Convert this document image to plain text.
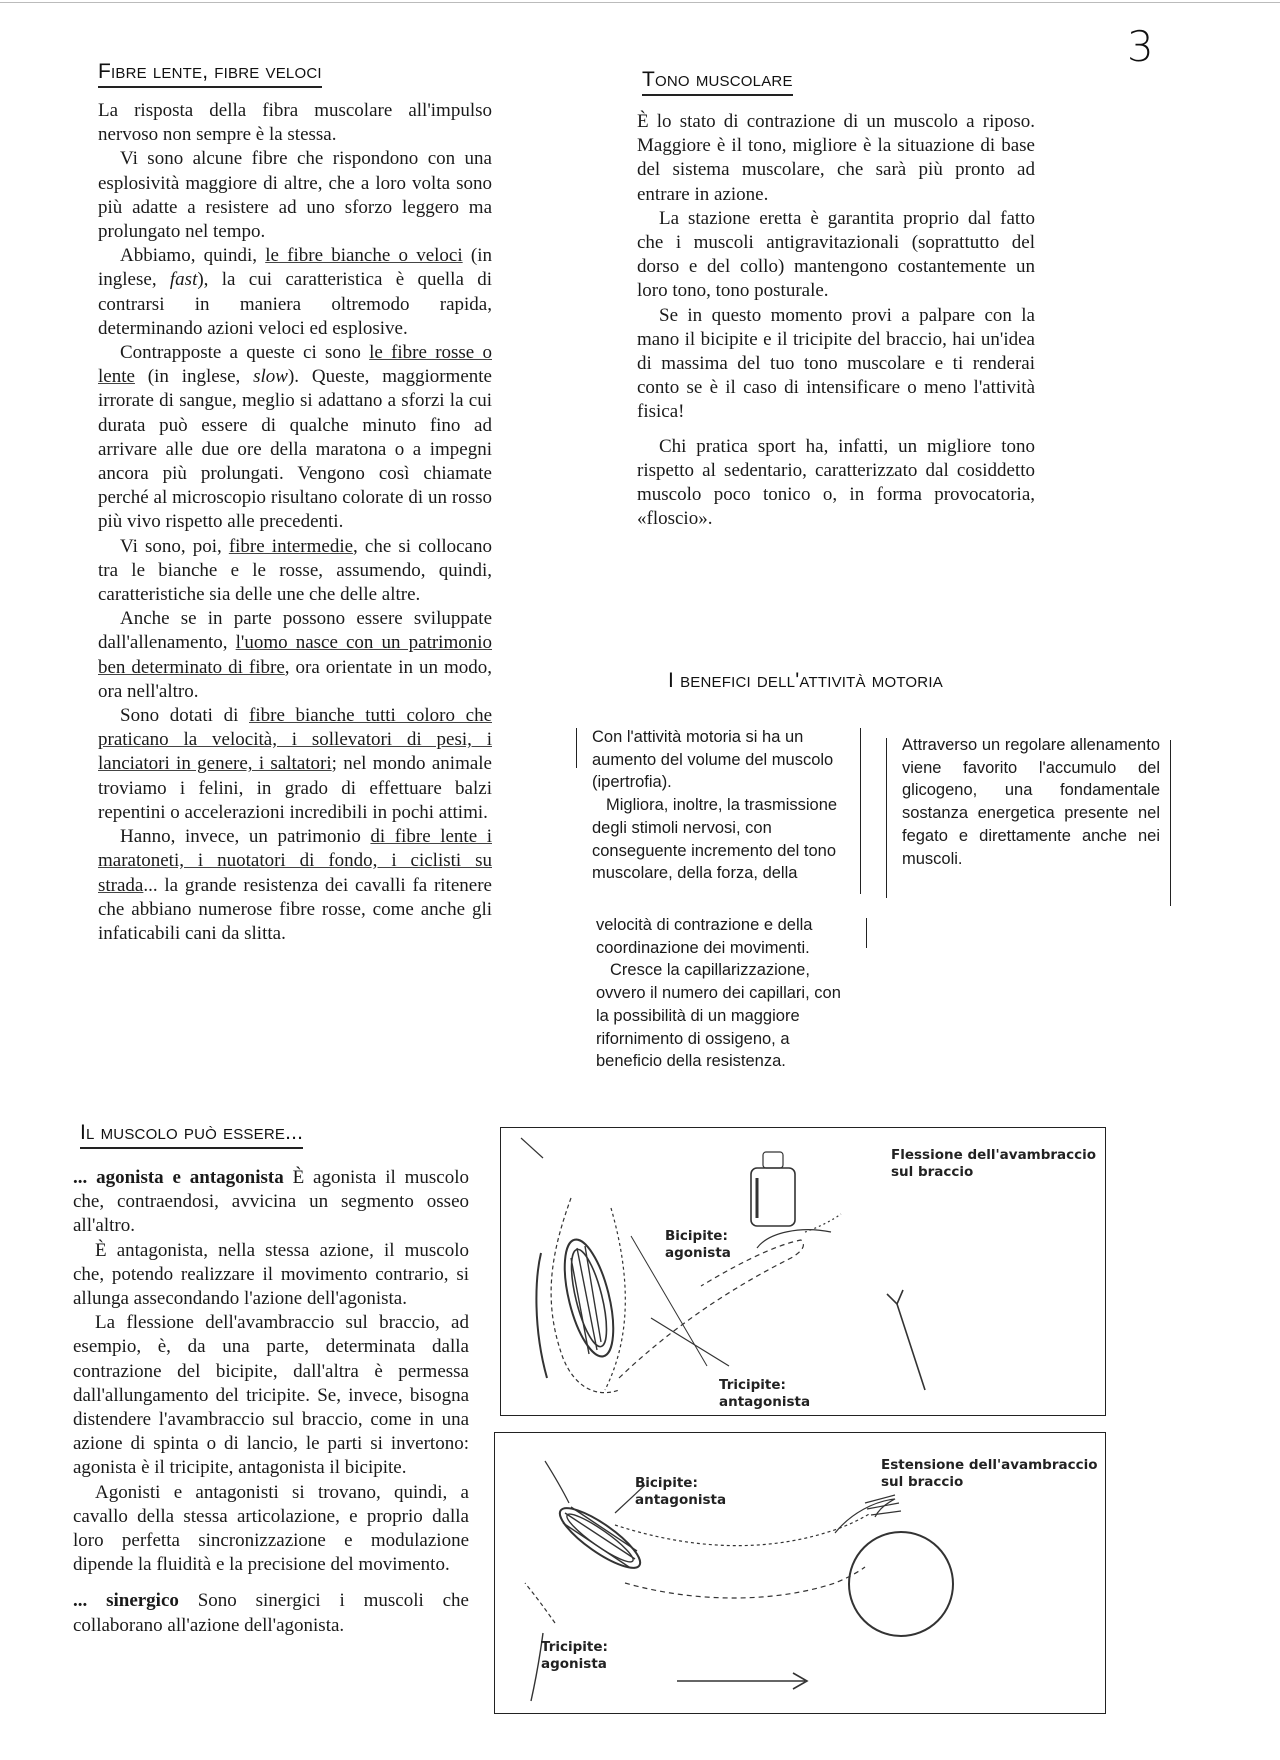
3
Fibre lente, fibre veloci

La risposta della fibra muscolare all'impulso nervoso non sempre è la stessa.

Vi sono alcune fibre che rispondono con una esplosività maggiore di altre, che a loro volta sono più adatte a resistere ad uno sforzo leggero ma prolungato nel tempo.

Abbiamo, quindi, le fibre bianche o veloci (in inglese, fast), la cui caratteristica è quella di contrarsi in maniera oltremodo rapida, determinando azioni veloci ed esplosive.

Contrapposte a queste ci sono le fibre rosse o lente (in inglese, slow). Queste, maggiormente irrorate di sangue, meglio si adattano a sforzi la cui durata può essere di qualche minuto fino ad arrivare alle due ore della maratona o a impegni ancora più prolungati. Vengono così chiamate perché al microscopio risultano colorate di un rosso più vivo rispetto alle precedenti.

Vi sono, poi, fibre intermedie, che si collocano tra le bianche e le rosse, assumendo, quindi, caratteristiche sia delle une che delle altre.

Anche se in parte possono essere sviluppate dall'allenamento, l'uomo nasce con un patrimonio ben determinato di fibre, ora orientate in un modo, ora nell'altro.

Sono dotati di fibre bianche tutti coloro che praticano la velocità, i sollevatori di pesi, i lanciatori in genere, i saltatori; nel mondo animale troviamo i felini, in grado di effettuare balzi repentini o accelerazioni incredibili in pochi attimi.

Hanno, invece, un patrimonio di fibre lente i maratoneti, i nuotatori di fondo, i ciclisti su strada... la grande resistenza dei cavalli fa ritenere che abbiano numerose fibre rosse, come anche gli infaticabili cani da slitta.

Tono muscolare

È lo stato di contrazione di un muscolo a riposo. Maggiore è il tono, migliore è la situazione di base del sistema muscolare, che sarà più pronto ad entrare in azione.

La stazione eretta è garantita proprio dal fatto che i muscoli antigravitazionali (soprattutto del dorso e del collo) mantengono costantemente un loro tono, tono posturale.

Se in questo momento provi a palpare con la mano il bicipite e il tricipite del braccio, hai un'idea di massima del tuo tono muscolare e ti renderai conto se è il caso di intensificare o meno l'attività fisica!

Chi pratica sport ha, infatti, un migliore tono rispetto al sedentario, caratterizzato dal cosiddetto muscolo poco tonico o, in forma provocatoria, «floscio».

I benefici dell'attività motoria

Con l'attività motoria si ha un aumento del volume del muscolo (ipertrofia).

Migliora, inoltre, la trasmissione degli stimoli nervosi, con conseguente incremento del tono muscolare, della forza, della

velocità di contrazione e della coordinazione dei movimenti.

Cresce la capillarizzazione, ovvero il numero dei capillari, con la possibilità di un maggiore rifornimento di ossigeno, a beneficio della resistenza.

Attraverso un regolare allenamento viene favorito l'accumulo del glicogeno, una fondamentale sostanza energetica presente nel fegato e direttamente anche nei muscoli.

Il muscolo può essere...

... agonista e antagonista È agonista il muscolo che, contraendosi, avvicina un segmento osseo all'altro.

È antagonista, nella stessa azione, il muscolo che, potendo realizzare il movimento contrario, si allunga assecondando l'azione dell'agonista.

La flessione dell'avambraccio sul braccio, ad esempio, è, da una parte, determinata dalla contrazione del bicipite, dall'altra è permessa dall'allungamento del tricipite. Se, invece, bisogna distendere l'avambraccio sul braccio, come in una azione di spinta o di lancio, le parti si invertono: agonista è il tricipite, antagonista il bicipite.

Agonisti e antagonisti si trovano, quindi, a cavallo della stessa articolazione, e proprio dalla loro perfetta sincronizzazione e modulazione dipende la fluidità e la precisione del movimento.

... sinergico Sono sinergici i muscoli che collaborano all'azione dell'agonista.

Bicipite:
agonista
Tricipite:
antagonista
Flessione dell'avambraccio
sul braccio
Bicipite:
antagonista
Tricipite:
agonista
Estensione dell'avambraccio
sul braccio
